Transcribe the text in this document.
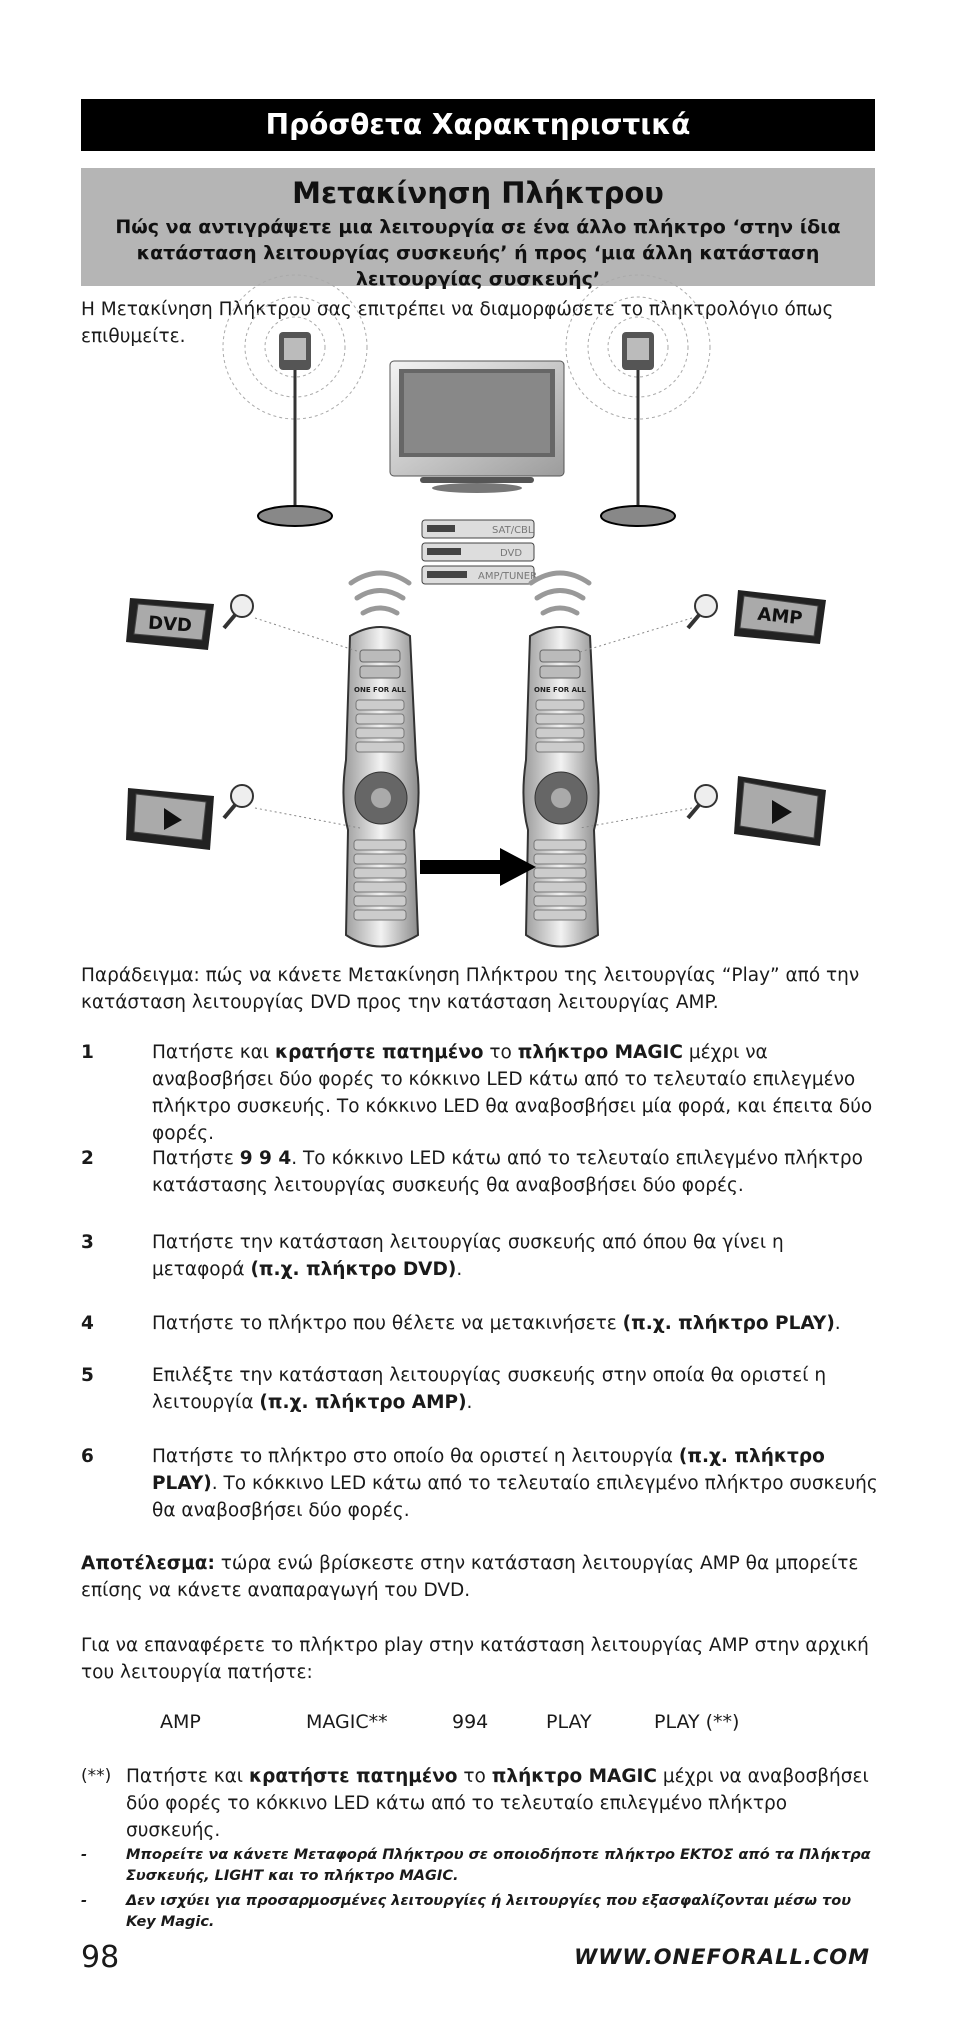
Πρόσθετα Χαρακτηριστικά
Μετακίνηση Πλήκτρου
Πώς να αντιγράψετε μια λειτουργία σε ένα άλλο πλήκτρο ‘στην ίδια κατάσταση λειτουργίας συσκευής’ ή προς ‘μια άλλη κατάσταση λειτουργίας συσκευής’
Η Μετακίνηση Πλήκτρου σας επιτρέπει να διαμορφώσετε το πληκτρολόγιο όπως επιθυμείτε.
SAT/CBL
DVD
AMP/TUNER
ONE FOR ALL	ONE FOR ALL
DVD	AMP
Παράδειγμα: πώς να κάνετε Μετακίνηση Πλήκτρου της λειτουργίας “Play” από την κατάσταση λειτουργίας DVD προς την κατάσταση λειτουργίας AMP.
1	Πατήστε και κρατήστε πατημένο το πλήκτρο MAGIC μέχρι να αναβοσβήσει δύο φορές το κόκκινο LED κάτω από το τελευταίο επιλεγμένο πλήκτρο συσκευής. Το κόκκινο LED θα αναβοσβήσει μία φορά, και έπειτα δύο φορές.
2	Πατήστε 9 9 4. Το κόκκινο LED κάτω από το τελευταίο επιλεγμένο πλήκτρο κατάστασης λειτουργίας συσκευής θα αναβοσβήσει δύο φορές.
3	Πατήστε την κατάσταση λειτουργίας συσκευής από όπου θα γίνει η μεταφορά (π.χ. πλήκτρο DVD).
4	Πατήστε το πλήκτρο που θέλετε να μετακινήσετε (π.χ. πλήκτρο PLAY).
5	Επιλέξτε την κατάσταση λειτουργίας συσκευής στην οποία θα οριστεί η λειτουργία (π.χ. πλήκτρο AMP).
6	Πατήστε το πλήκτρο στο οποίο θα οριστεί η λειτουργία (π.χ. πλήκτρο PLAY). Το κόκκινο LED κάτω από το τελευταίο επιλεγμένο πλήκτρο συσκευής θα αναβοσβήσει δύο φορές.
Αποτέλεσμα: τώρα ενώ βρίσκεστε στην κατάσταση λειτουργίας AMP θα μπορείτε επίσης να κάνετε αναπαραγωγή του DVD.
Για να επαναφέρετε το πλήκτρο play στην κατάσταση λειτουργίας AMP στην αρχική του λειτουργία πατήστε:
AMP	MAGIC**	994	PLAY	PLAY (**)
(**) Πατήστε και κρατήστε πατημένο το πλήκτρο MAGIC μέχρι να αναβοσβήσει δύο φορές το κόκκινο LED κάτω από το τελευταίο επιλεγμένο πλήκτρο συσκευής.
-	Μπορείτε να κάνετε Μεταφορά Πλήκτρου σε οποιοδήποτε πλήκτρο ΕΚΤΟΣ από τα Πλήκτρα Συσκευής, LIGHT και το πλήκτρο MAGIC.
-	Δεν ισχύει για προσαρμοσμένες λειτουργίες ή λειτουργίες που εξασφαλίζονται μέσω του Key Magic.
98	WWW.ONEFORALL.COM
